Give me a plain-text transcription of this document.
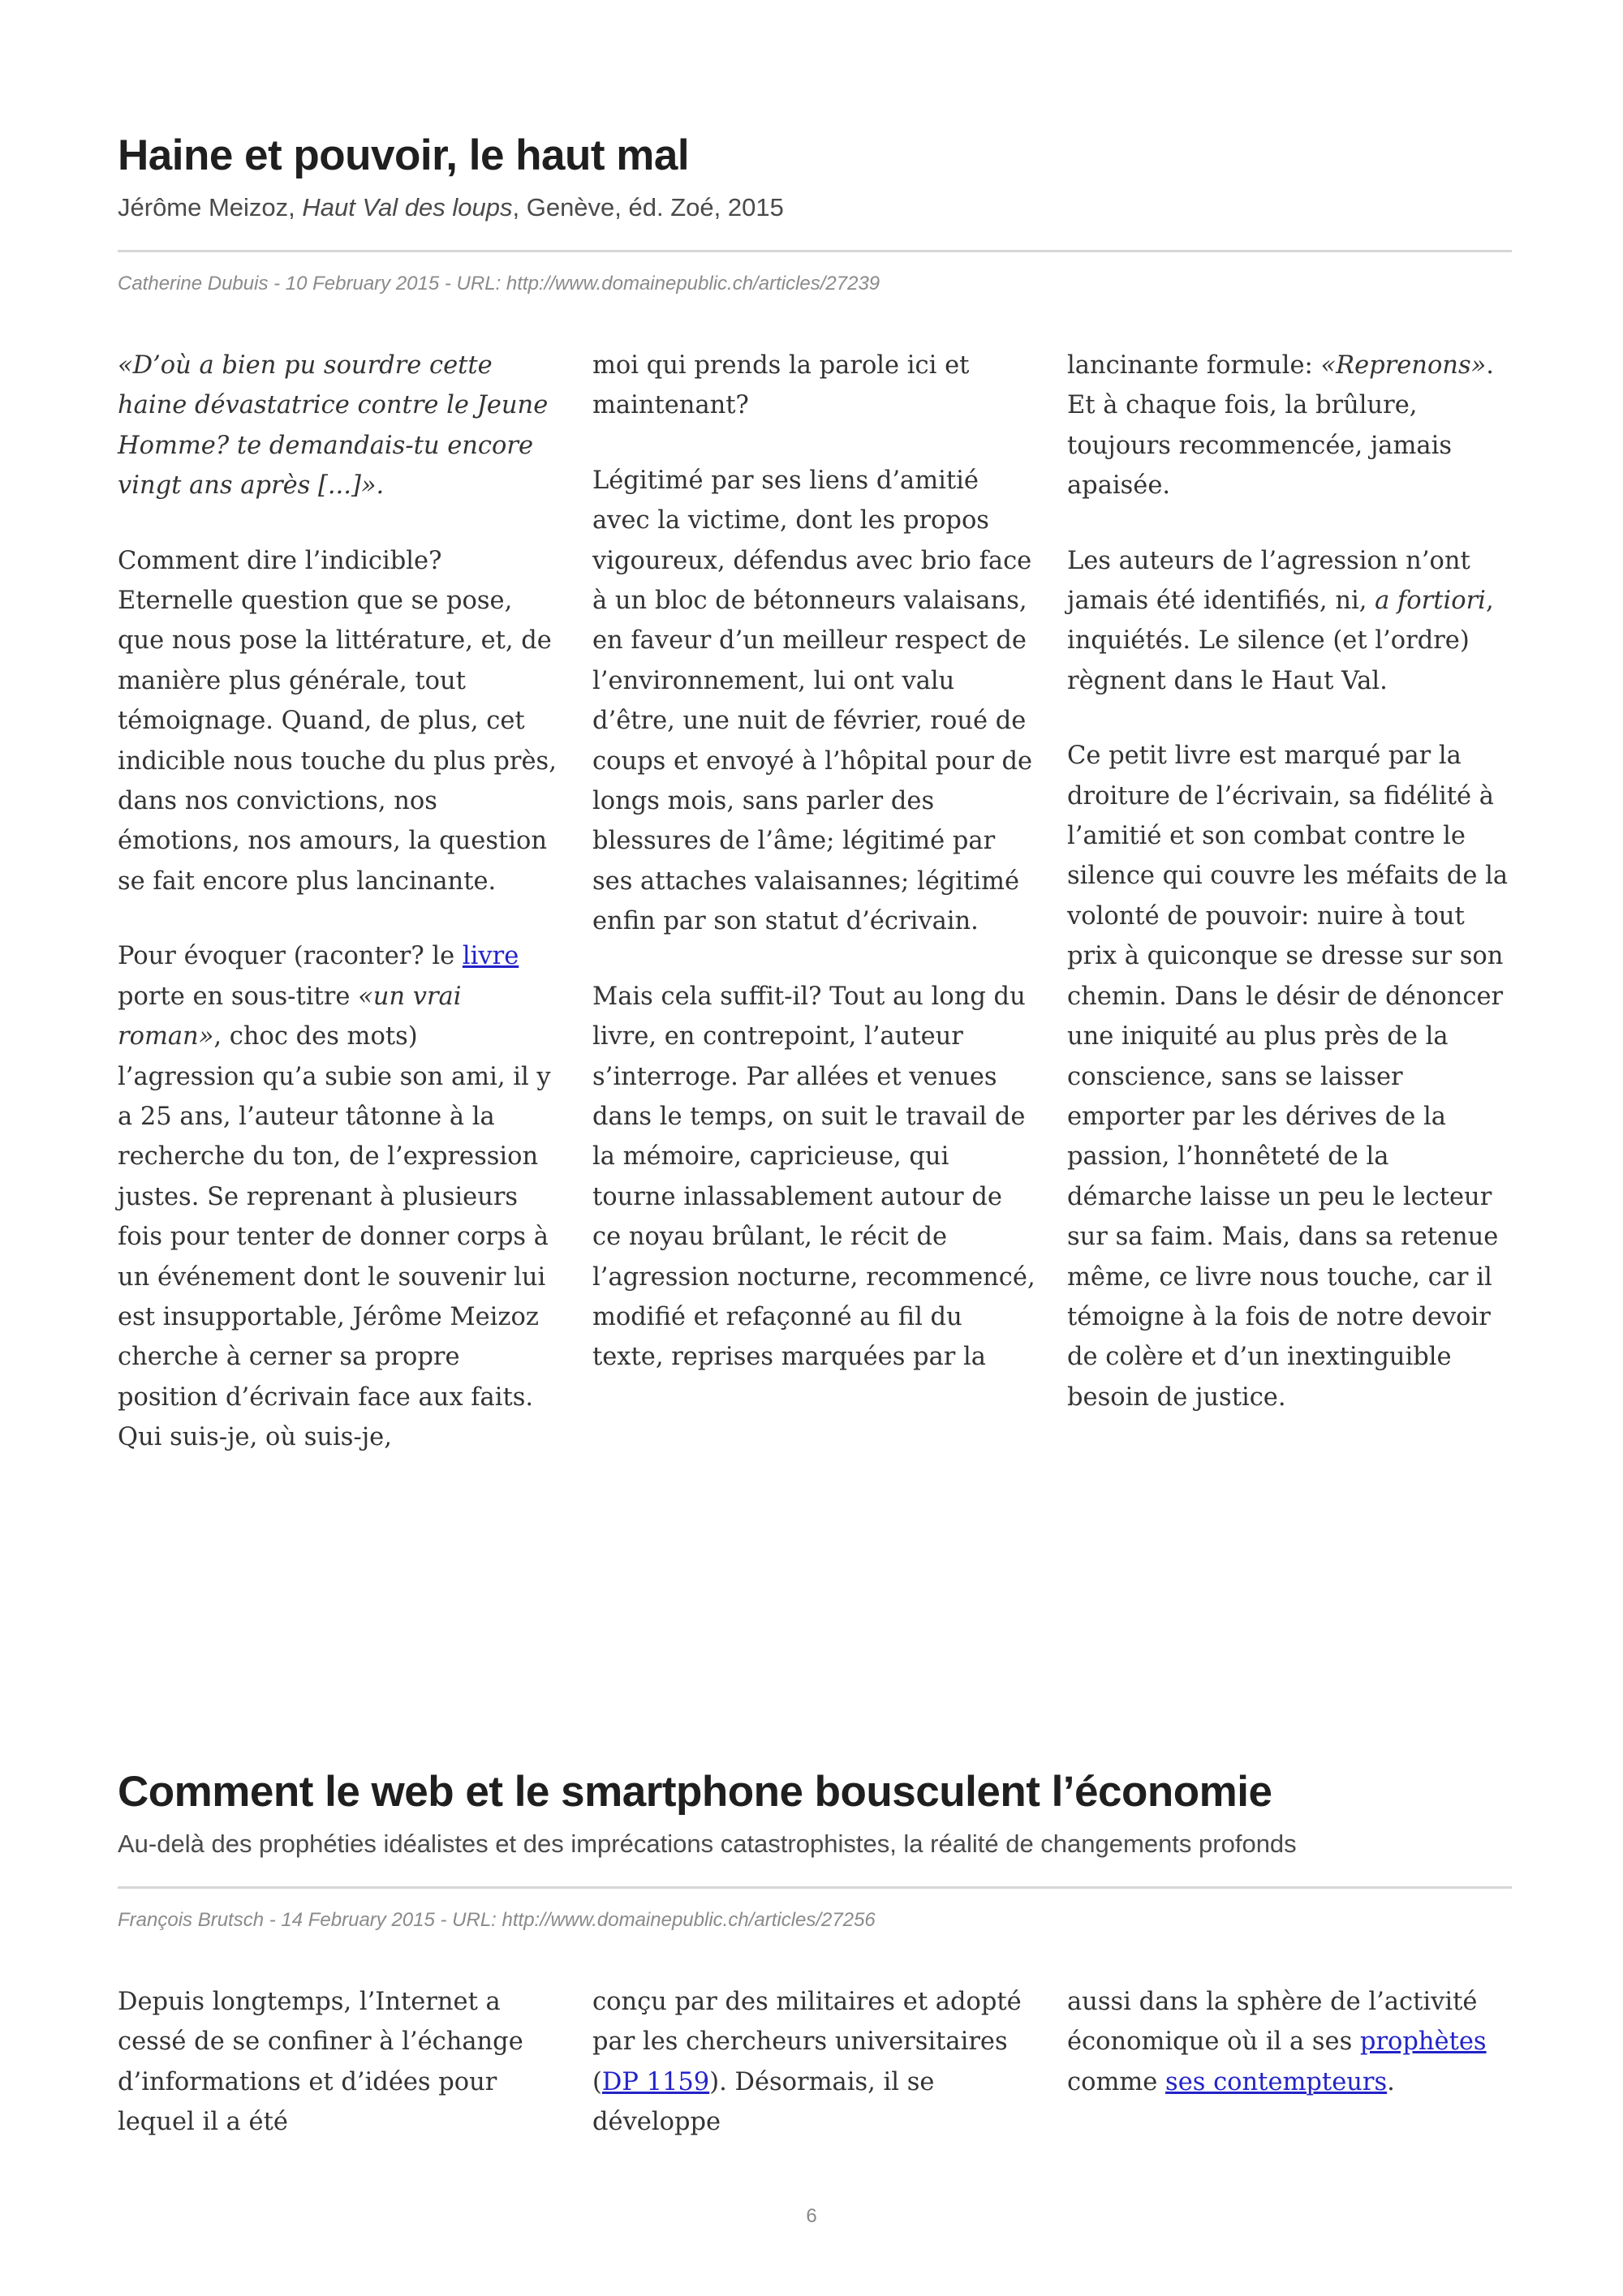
Haine et pouvoir, le haut mal
Jérôme Meizoz, Haut Val des loups, Genève, éd. Zoé, 2015
Catherine Dubuis - 10 February 2015 - URL: http://www.domainepublic.ch/articles/27239

«D’où a bien pu sourdre cette haine dévastatrice contre le Jeune Homme? te demandais-tu encore vingt ans après [...]».

Comment dire l’indicible? Eternelle question que se pose, que nous pose la littérature, et, de manière plus générale, tout témoignage. Quand, de plus, cet indicible nous touche du plus près, dans nos convictions, nos émotions, nos amours, la question se fait encore plus lancinante.

Pour évoquer (raconter? le livre porte en sous-titre «un vrai roman», choc des mots) l’agression qu’a subie son ami, il y a 25 ans, l’auteur tâtonne à la recherche du ton, de l’expression justes. Se reprenant à plusieurs fois pour tenter de donner corps à un événement dont le souvenir lui est insupportable, Jérôme Meizoz cherche à cerner sa propre position d’écrivain face aux faits. Qui suis-je, où suis-je,

moi qui prends la parole ici et maintenant?

Légitimé par ses liens d’amitié avec la victime, dont les propos vigoureux, défendus avec brio face à un bloc de bétonneurs valaisans, en faveur d’un meilleur respect de l’environnement, lui ont valu d’être, une nuit de février, roué de coups et envoyé à l’hôpital pour de longs mois, sans parler des blessures de l’âme; légitimé par ses attaches valaisannes; légitimé enfin par son statut d’écrivain.

Mais cela suffit-il? Tout au long du livre, en contrepoint, l’auteur s’interroge. Par allées et venues dans le temps, on suit le travail de la mémoire, capricieuse, qui tourne inlassablement autour de ce noyau brûlant, le récit de l’agression nocturne, recommencé, modifié et refaçonné au fil du texte, reprises marquées par la

lancinante formule: «Reprenons». Et à chaque fois, la brûlure, toujours recommencée, jamais apaisée.

Les auteurs de l’agression n’ont jamais été identifiés, ni, a fortiori, inquiétés. Le silence (et l’ordre) règnent dans le Haut Val.

Ce petit livre est marqué par la droiture de l’écrivain, sa fidélité à l’amitié et son combat contre le silence qui couvre les méfaits de la volonté de pouvoir: nuire à tout prix à quiconque se dresse sur son chemin. Dans le désir de dénoncer une iniquité au plus près de la conscience, sans se laisser emporter par les dérives de la passion, l’honnêteté de la démarche laisse un peu le lecteur sur sa faim. Mais, dans sa retenue même, ce livre nous touche, car il témoigne à la fois de notre devoir de colère et d’un inextinguible besoin de justice.

Comment le web et le smartphone bousculent l’économie
Au-delà des prophéties idéalistes et des imprécations catastrophistes, la réalité de changements profonds
François Brutsch - 14 February 2015 - URL: http://www.domainepublic.ch/articles/27256

Depuis longtemps, l’Internet a cessé de se confiner à l’échange d’informations et d’idées pour lequel il a été

conçu par des militaires et adopté par les chercheurs universitaires (DP 1159). Désormais, il se développe

aussi dans la sphère de l’activité économique où il a ses prophètes comme ses contempteurs.

6
